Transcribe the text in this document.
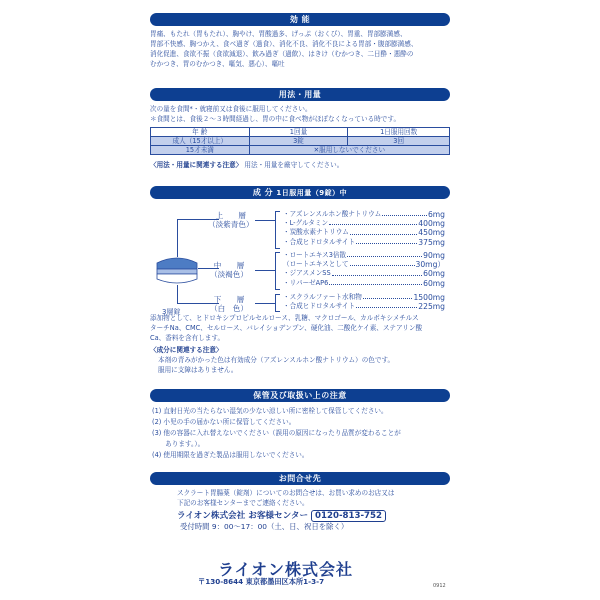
効 能
胃痛、もたれ（胃もたれ）、胸やけ、胃酸過多、げっぷ（おくび）、胃重、胃部膨満感、
胃部不快感、胸つかえ、食べ過ぎ（過食）、消化不良、消化不良による胃部・腹部膨満感、
消化促進、食欲不振（食欲減退）、飲み過ぎ（過飲）、はきけ（むかつき、二日酔・悪酔の
むかつき、胃のむかつき、嘔気、悪心）、嘔吐
用法・用量
次の量を食間*・就寝前又は食後に服用してください。
＊食間とは、食後２〜３時間経過し、胃の中に食べ物がほぼなくなっている時です。
年 齢	1回量	1日服用回数
成人（15才以上）	3錠	3回
15才未満	✕服用しないでください	
〈用法・用量に関連する注意〉 用法・用量を厳守してください。
成 分 1日服用量（9錠）中
3層錠
上　　層
（淡紫青色）
中　　層
（淡褐色）
下　　層
（白　色）
・アズレンスルホン酸ナトリウム	6mg
・L-グルタミン	400mg
・炭酸水素ナトリウム	450mg
・合成ヒドロタルサイト	375mg
・ロートエキス3倍散	90mg
（ロートエキスとして	30mg）
・ジアスメンSS	60mg
・リパーゼAP6	60mg
・スクラルファート水和物	1500mg
・合成ヒドロタルサイト	225mg
添加物として、ヒドロキシプロピルセルロース、乳糖、マクロゴール、カルボキシメチルス
ターチNa、CMC、セルロース、バレイショデンプン、硬化油、二酸化ケイ素、ステアリン酸
Ca、香料を含有します。
〈成分に関連する注意〉
本剤の青みがかった色は有効成分（アズレンスルホン酸ナトリウム）の色です。
服用に支障はありません。
保管及び取扱い上の注意
(1) 直射日光の当たらない湿気の少ない涼しい所に密栓して保管してください。
(2) 小児の手の届かない所に保管してください。
(3) 他の容器に入れ替えないでください（誤用の原因になったり品質が変わることが
　　あります。）。
(4) 使用期限を過ぎた製品は服用しないでください。
お問合せ先
スクラート胃腸薬（錠剤）についてのお問合せは、お買い求めのお店又は
下記のお客様センターまでご連絡ください。
ライオン株式会社 お客様センター 0120-813-752
受付時間 9：00〜17：00（土、日、祝日を除く）
ライオン株式会社
〒130-8644 東京都墨田区本所1-3-7	0912
